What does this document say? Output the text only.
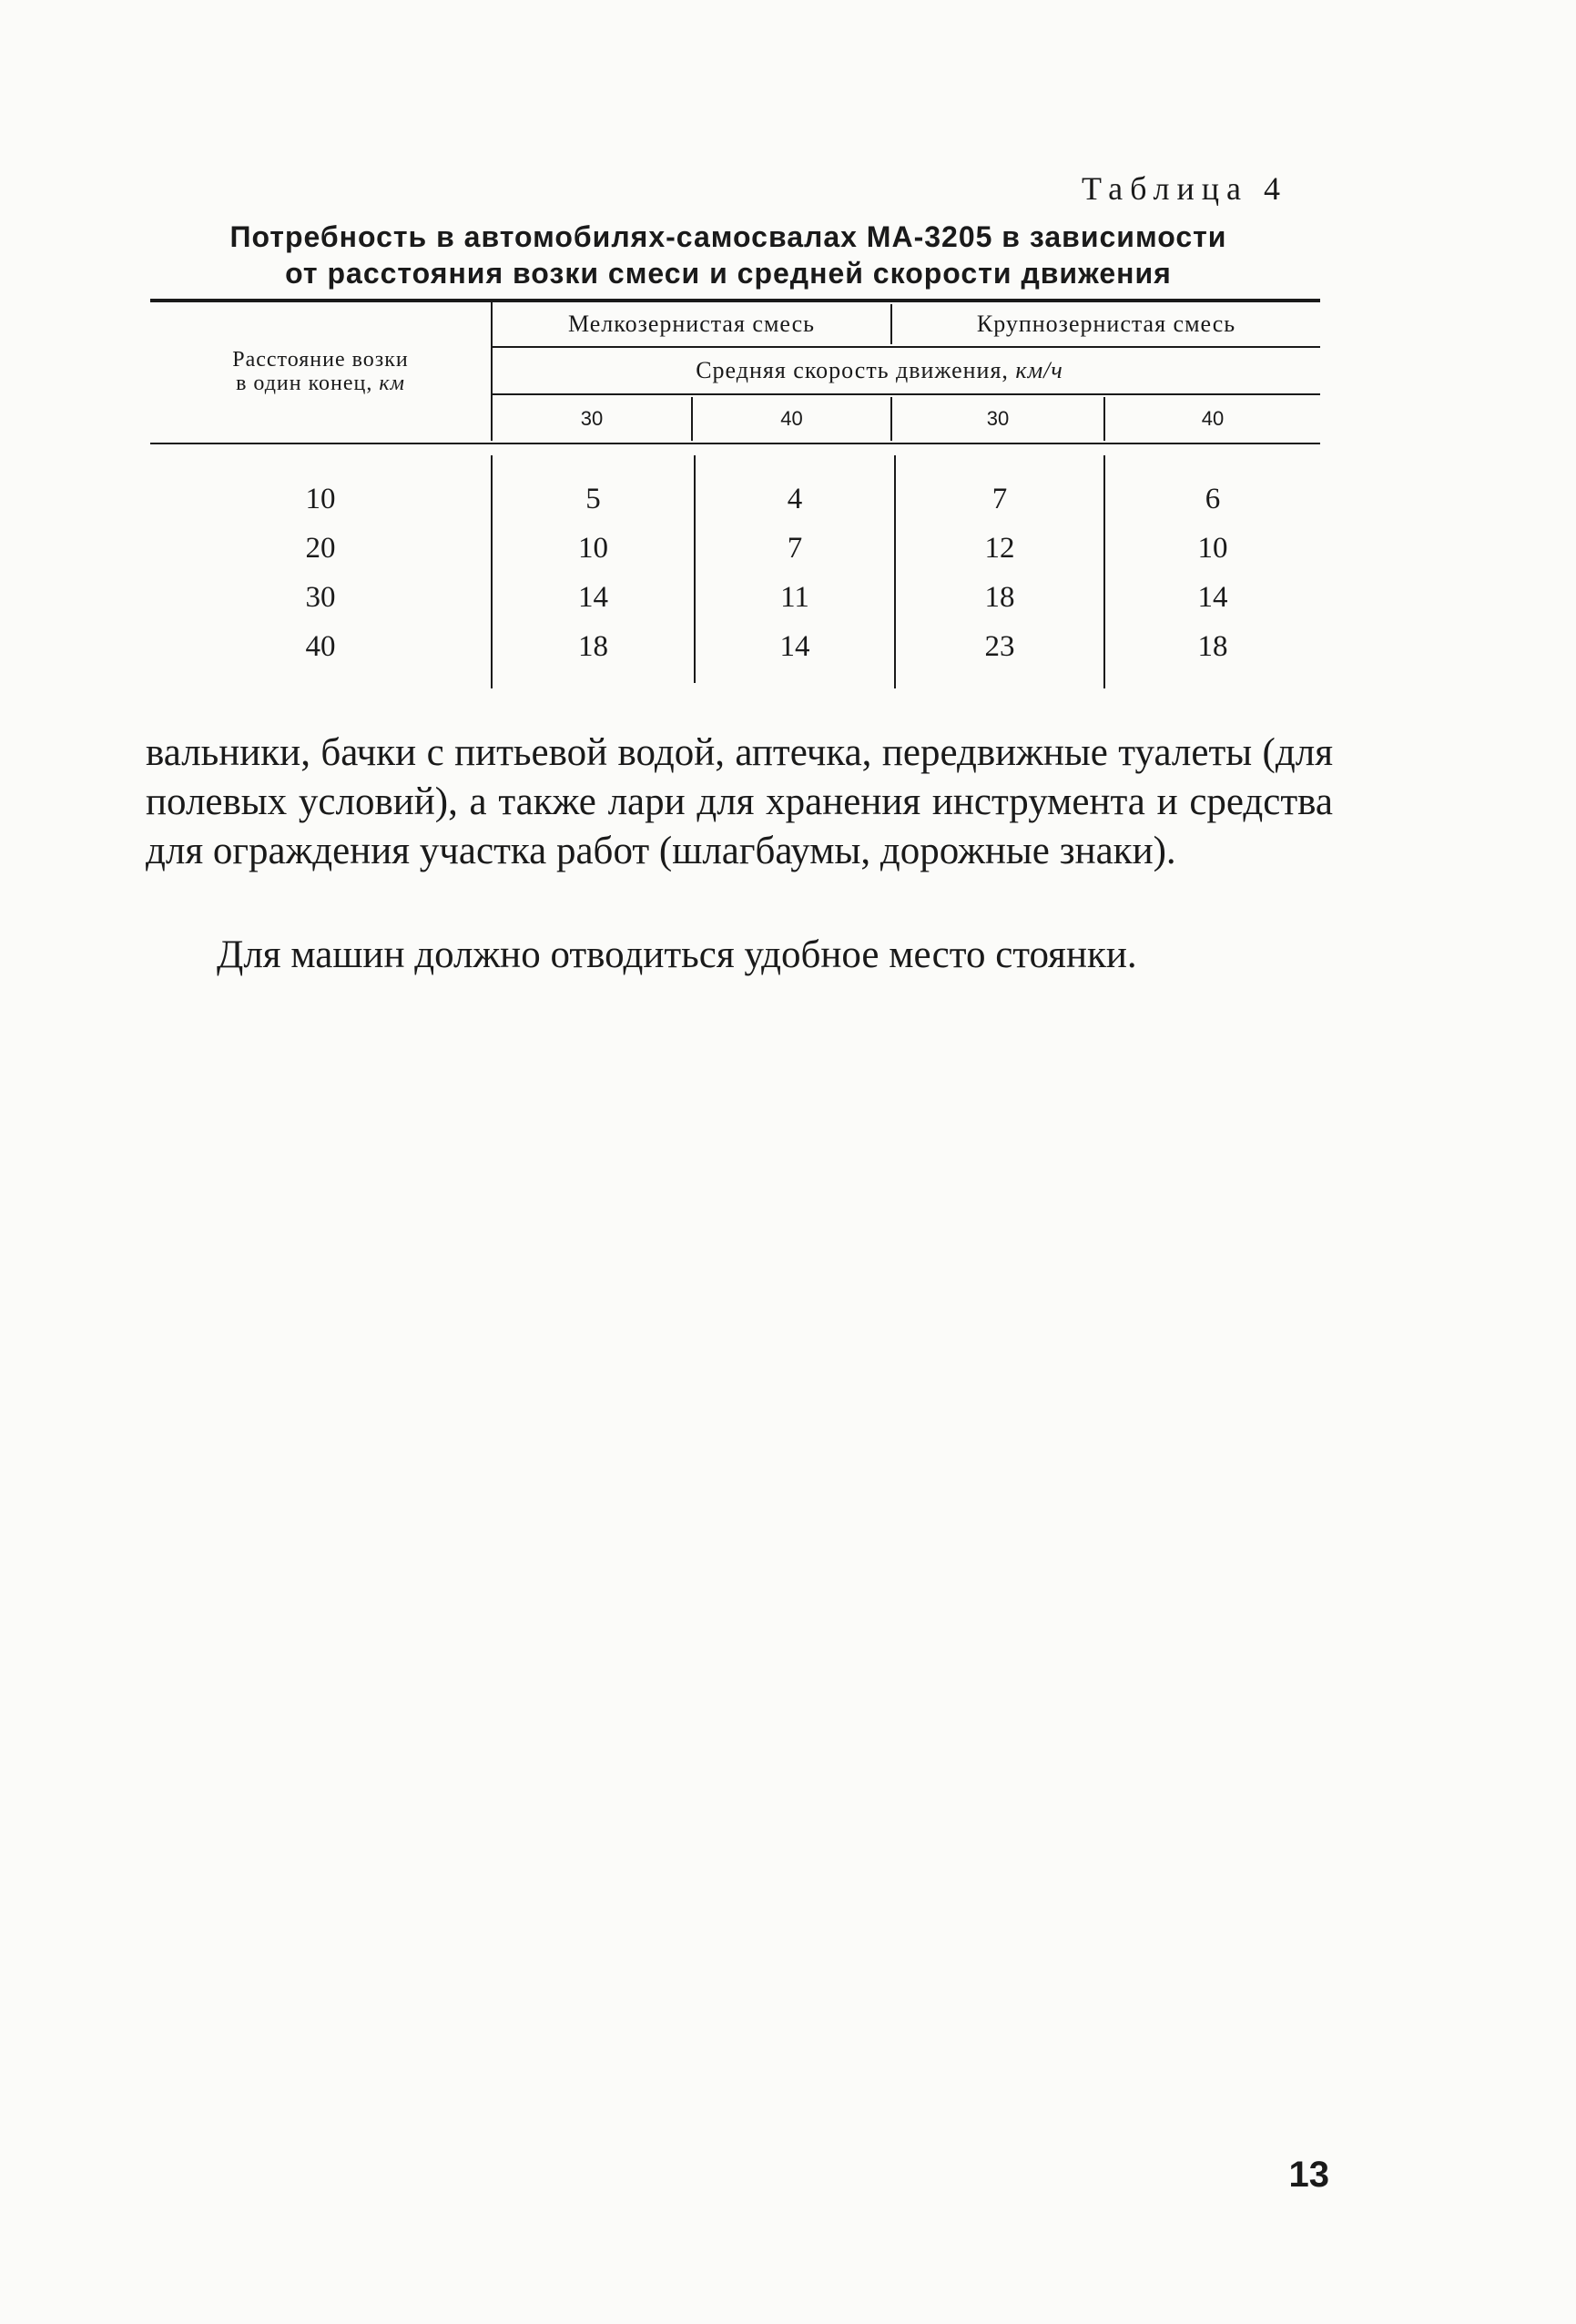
Таблица 4
Потребность в автомобилях-самосвалах МА-3205 в зависимости
от расстояния возки смеси и средней скорости движения
Расстояние возки
в один конец, км
Мелкозернистая смесь	Крупнозернистая смесь
Средняя скорость движения,
км/ч
30	40	30	40
10	5	4	7	6
20	10	7	12	10
30	14	11	18	14
40	18	14	23	18
вальники, бачки с питьевой водой, аптечка, передвижные туалеты (для полевых условий), а также лари для хранения инструмента и средства для ограждения участка работ (шлагбаумы, дорожные знаки).
Для машин должно отводиться удобное место стоянки.
13
